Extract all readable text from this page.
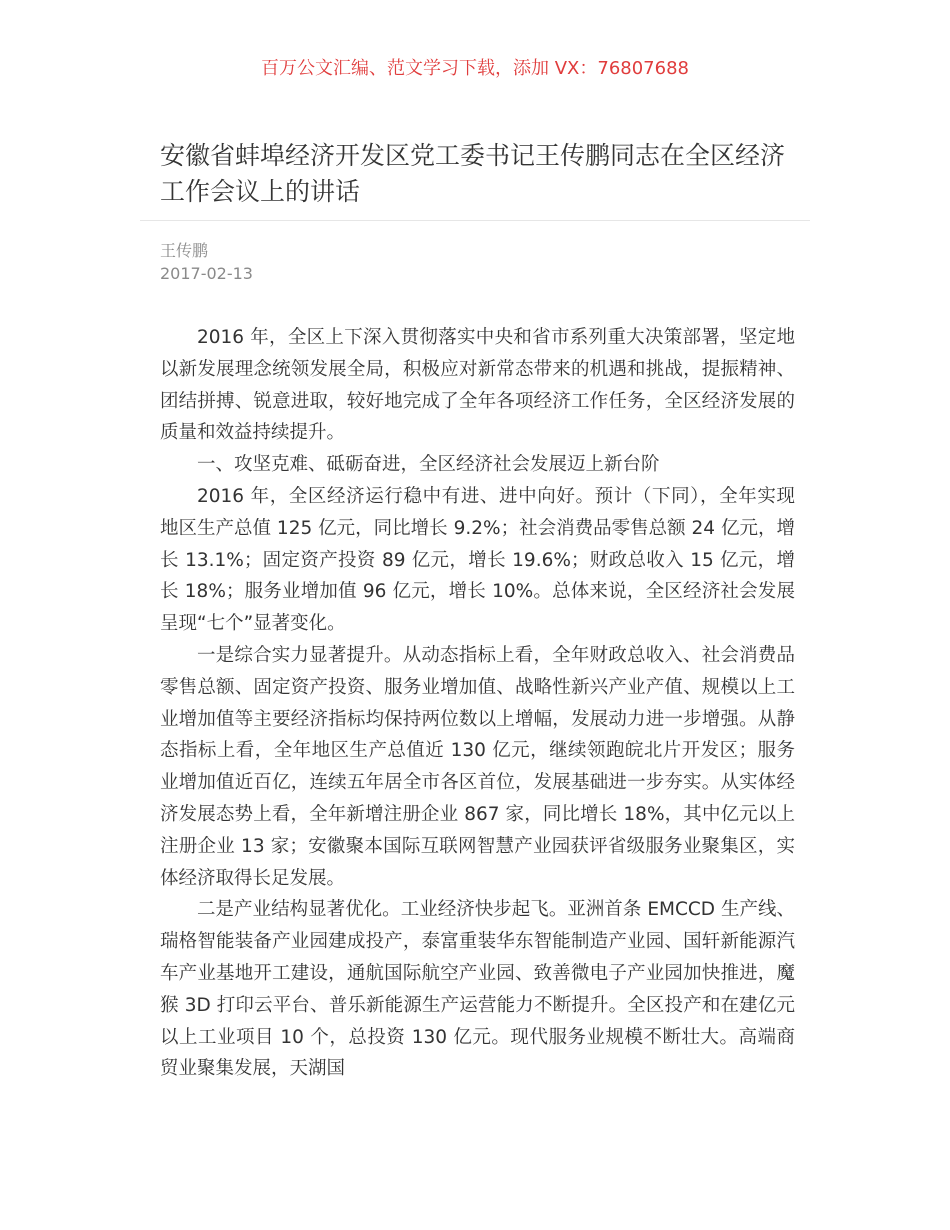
百万公文汇编、范文学习下载，添加 VX：76807688
安徽省蚌埠经济开发区党工委书记王传鹏同志在全区经济工作会议上的讲话
王传鹏
2017-02-13

2016 年，全区上下深入贯彻落实中央和省市系列重大决策部署，坚定地以新发展理念统领发展全局，积极应对新常态带来的机遇和挑战，提振精神、团结拼搏、锐意进取，较好地完成了全年各项经济工作任务，全区经济发展的质量和效益持续提升。

一、攻坚克难、砥砺奋进，全区经济社会发展迈上新台阶

2016 年，全区经济运行稳中有进、进中向好。预计（下同），全年实现地区生产总值 125 亿元，同比增长 9.2%；社会消费品零售总额 24 亿元，增长 13.1%；固定资产投资 89 亿元，增长 19.6%；财政总收入 15 亿元，增长 18%；服务业增加值 96 亿元，增长 10%。总体来说，全区经济社会发展呈现“七个”显著变化。

一是综合实力显著提升。从动态指标上看，全年财政总收入、社会消费品零售总额、固定资产投资、服务业增加值、战略性新兴产业产值、规模以上工业增加值等主要经济指标均保持两位数以上增幅，发展动力进一步增强。从静态指标上看，全年地区生产总值近 130 亿元，继续领跑皖北片开发区；服务业增加值近百亿，连续五年居全市各区首位，发展基础进一步夯实。从实体经济发展态势上看，全年新增注册企业 867 家，同比增长 18%，其中亿元以上注册企业 13 家；安徽聚本国际互联网智慧产业园获评省级服务业聚集区，实体经济取得长足发展。

二是产业结构显著优化。工业经济快步起飞。亚洲首条 EMCCD 生产线、瑞格智能装备产业园建成投产，泰富重装华东智能制造产业园、国轩新能源汽车产业基地开工建设，通航国际航空产业园、致善微电子产业园加快推进，魔猴 3D 打印云平台、普乐新能源生产运营能力不断提升。全区投产和在建亿元以上工业项目 10 个，总投资 130 亿元。现代服务业规模不断壮大。高端商贸业聚集发展，天湖国
